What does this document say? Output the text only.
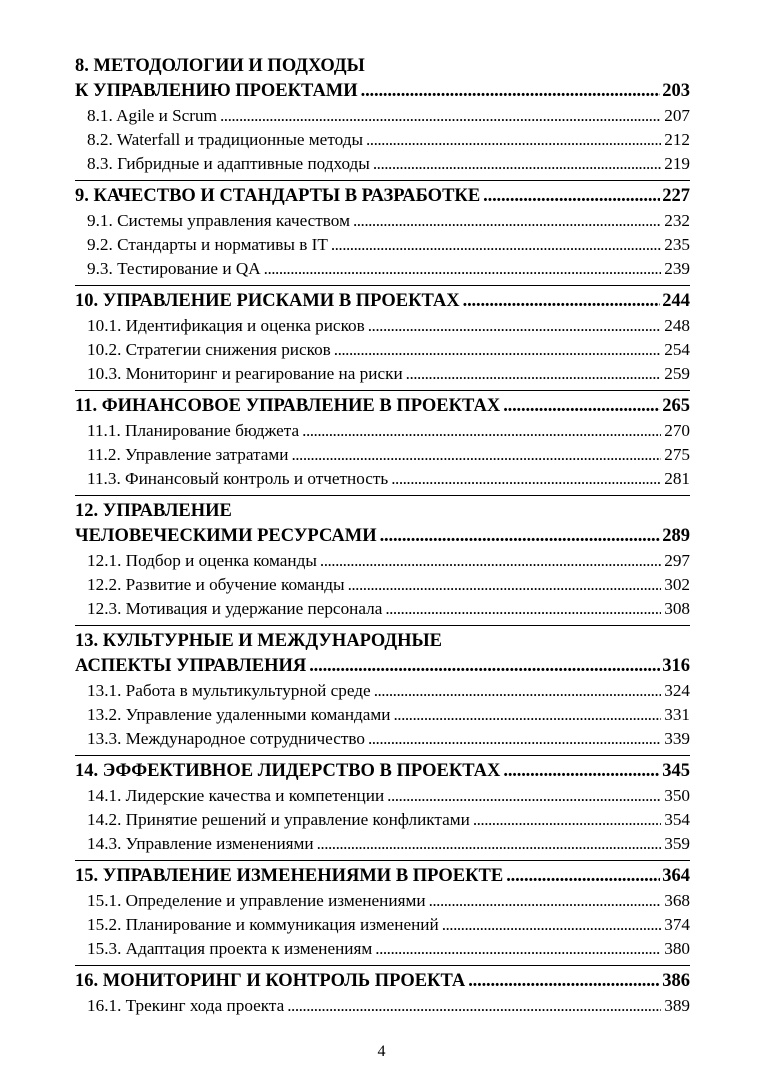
8. МЕТОДОЛОГИИ И ПОДХОДЫ
К УПРАВЛЕНИЮ ПРОЕКТАМИ . . .	203
8.1. Agile и Scrum . . .	207
8.2. Waterfall и традиционные методы . . .	212
8.3. Гибридные и адаптивные подходы . . .	219
9. КАЧЕСТВО И СТАНДАРТЫ В РАЗРАБОТКЕ . . .	227
9.1. Системы управления качеством . . .	232
9.2. Стандарты и нормативы в IT . . .	235
9.3. Тестирование и QA . . .	239
10. УПРАВЛЕНИЕ РИСКАМИ В ПРОЕКТАХ . . .	244
10.1. Идентификация и оценка рисков . . .	248
10.2. Стратегии снижения рисков . . .	254
10.3. Мониторинг и реагирование на риски . . .	259
11. ФИНАНСОВОЕ УПРАВЛЕНИЕ В ПРОЕКТАХ . . .	265
11.1. Планирование бюджета . . .	270
11.2. Управление затратами . . .	275
11.3. Финансовый контроль и отчетность . . .	281
12. УПРАВЛЕНИЕ
ЧЕЛОВЕЧЕСКИМИ РЕСУРСАМИ . . .	289
12.1. Подбор и оценка команды . . .	297
12.2. Развитие и обучение команды . . .	302
12.3. Мотивация и удержание персонала . . .	308
13. КУЛЬТУРНЫЕ И МЕЖДУНАРОДНЫЕ
АСПЕКТЫ УПРАВЛЕНИЯ . . .	316
13.1. Работа в мультикультурной среде . . .	324
13.2. Управление удаленными командами . . .	331
13.3. Международное сотрудничество . . .	339
14. ЭФФЕКТИВНОЕ ЛИДЕРСТВО В ПРОЕКТАХ . . .	345
14.1. Лидерские качества и компетенции . . .	350
14.2. Принятие решений и управление конфликтами . . .	354
14.3. Управление изменениями . . .	359
15. УПРАВЛЕНИЕ ИЗМЕНЕНИЯМИ В ПРОЕКТЕ . . .	364
15.1. Определение и управление изменениями . . .	368
15.2. Планирование и коммуникация изменений . . .	374
15.3. Адаптация проекта к изменениям . . .	380
16. МОНИТОРИНГ И КОНТРОЛЬ ПРОЕКТА . . .	386
16.1. Трекинг хода проекта . . .	389
4
